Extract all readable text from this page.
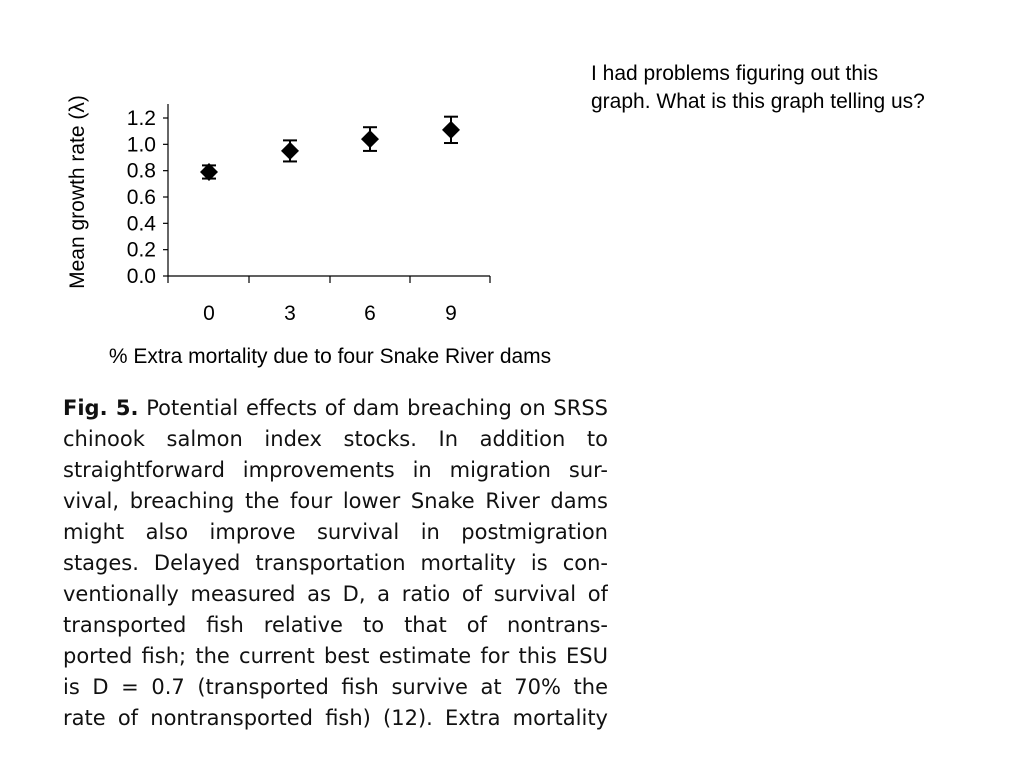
0.0
0.2
0.4
0.6
0.8
1.0
1.2
0	3	6	9
% Extra mortality due to four Snake River dams
Mean growth rate (λ)
I had problems figuring out this
graph. What is this graph telling us?
Fig. 5. Potential effects of dam breaching on SRSS
chinook salmon index stocks. In addition to
straightforward improvements in migration sur-
vival, breaching the four lower Snake River dams
might also improve survival in postmigration
stages. Delayed transportation mortality is con-
ventionally measured as D, a ratio of survival of
transported fish relative to that of nontrans-
ported fish; the current best estimate for this ESU
is D = 0.7 (transported fish survive at 70% the
rate of nontransported fish) (12). Extra mortality
